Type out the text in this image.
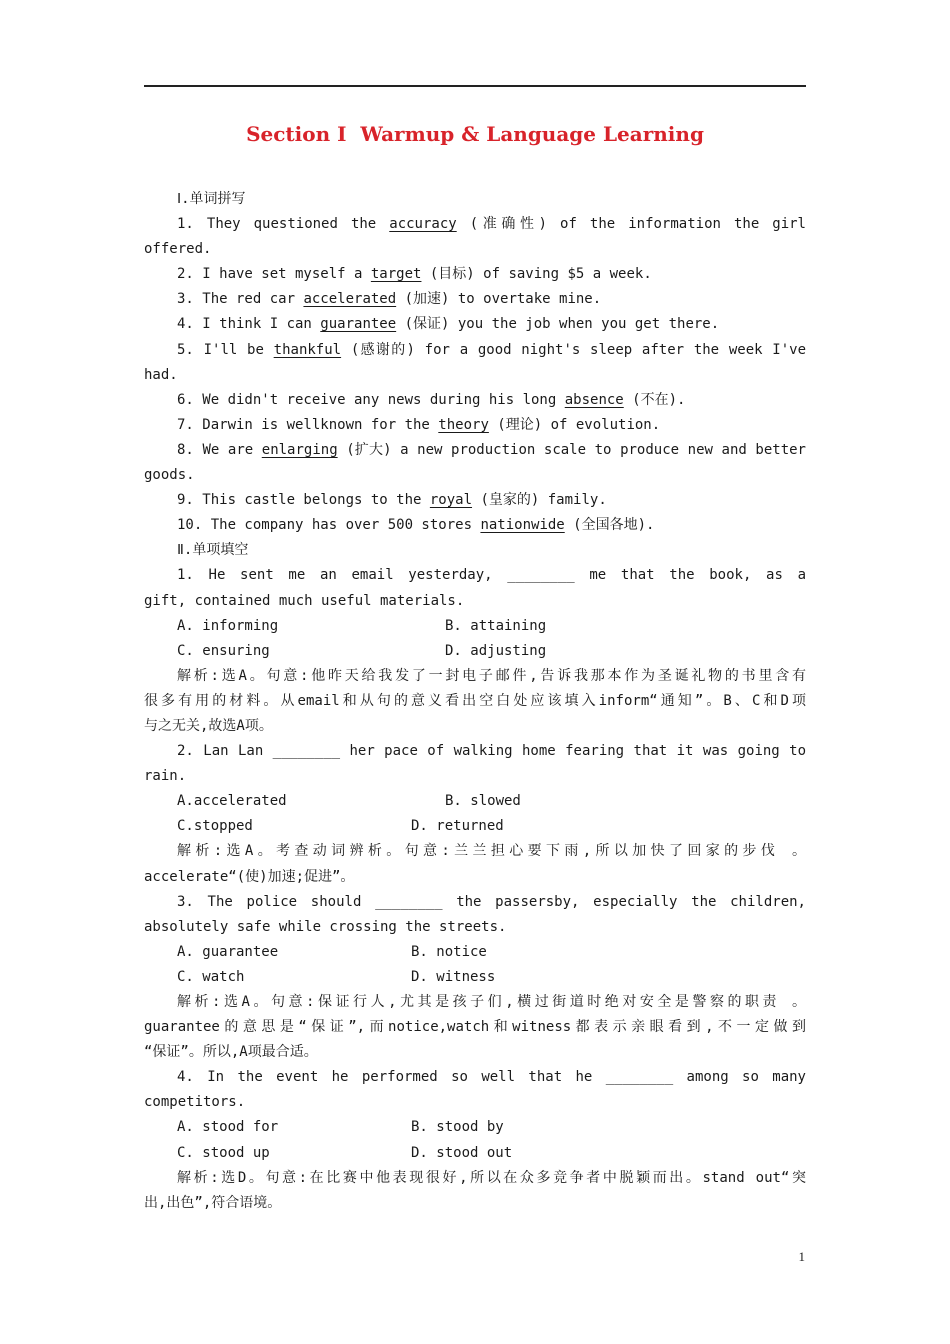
Section Ⅰ  Warmup & Language Learning
Ⅰ.单词拼写
1. They questioned the accuracy (准确性) of the information the girl
offered.
2. I have set myself a target (目标) of saving $5 a week.
3. The red car accelerated (加速) to overtake mine.
4. I think I can guarantee (保证) you the job when you get there.
5. I'll be thankful (感谢的) for a good night's sleep after the week I've
had.
6. We didn't receive any news during his long absence (不在).
7. Darwin is wellknown for the theory (理论) of evolution.
8. We are enlarging (扩大) a new production scale to produce new and better
goods.
9. This castle belongs to the royal (皇家的) family.
10. The company has over 500 stores nationwide (全国各地).
Ⅱ.单项填空
1. He sent me an email yesterday, ________ me that the book, as a
gift, contained much useful materials.
A. informing	B. attaining
C. ensuring	D. adjusting
解析:选A。句意:他昨天给我发了一封电子邮件,告诉我那本作为圣诞礼物的书里含有
很多有用的材料。从email和从句的意义看出空白处应该填入inform“通知”。B、C和D项
与之无关,故选A项。
2. Lan Lan ________ her pace of walking home fearing that it was going to
rain.
A.accelerated	B. slowed
C.stopped	D. returned
解析:选A。考查动词辨析。句意:兰兰担心要下雨,所以加快了回家的步伐 。
accelerate“(使)加速;促进”。
3. The police should ________ the passersby, especially the children,
absolutely safe while crossing the streets.
A. guarantee	B. notice
C. watch	D. witness
解析:选A。句意:保证行人,尤其是孩子们,横过街道时绝对安全是警察的职责 。
guarantee的意思是“保证”,而notice,watch和witness都表示亲眼看到,不一定做到
“保证”。所以,A项最合适。
4. In the event he performed so well that he ________ among so many
competitors.
A. stood for	B. stood by
C. stood up	D. stood out
解析:选D。句意:在比赛中他表现很好,所以在众多竞争者中脱颖而出。stand out“突
出,出色”,符合语境。
1
